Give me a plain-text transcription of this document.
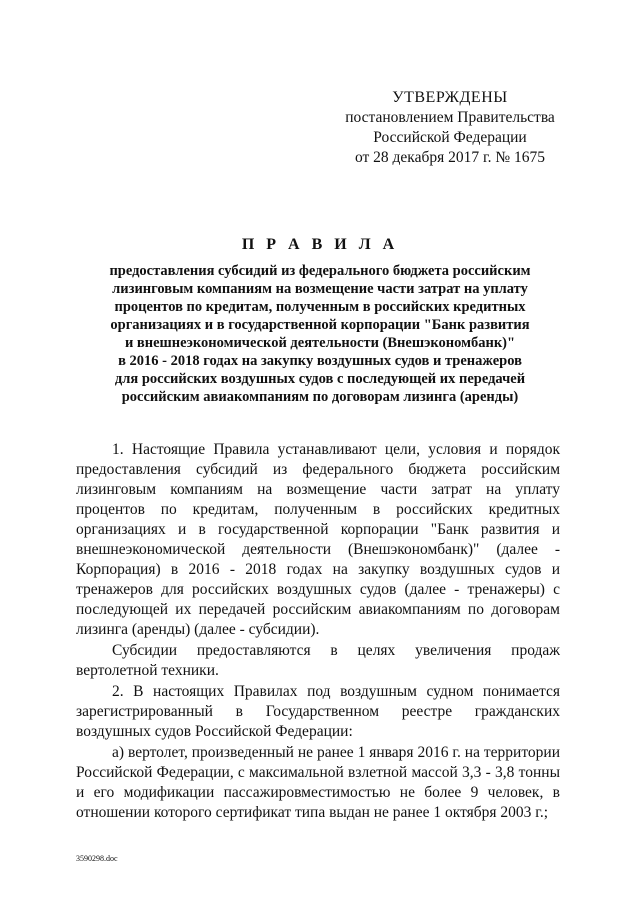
УТВЕРЖДЕНЫ
постановлением Правительства
Российской Федерации
от 28 декабря 2017 г. № 1675
П Р А В И Л А
предоставления субсидий из федерального бюджета российским
лизинговым компаниям на возмещение части затрат на уплату
процентов по кредитам, полученным в российских кредитных
организациях и в государственной корпорации "Банк развития
и внешнеэкономической деятельности (Внешэкономбанк)"
в 2016 - 2018 годах на закупку воздушных судов и тренажеров
для российских воздушных судов с последующей их передачей
российским авиакомпаниям по договорам лизинга (аренды)

1. Настоящие Правила устанавливают цели, условия и порядок предоставления субсидий из федерального бюджета российским лизинговым компаниям на возмещение части затрат на уплату процентов по кредитам, полученным в российских кредитных организациях и в государственной корпорации "Банк развития и внешнеэкономической деятельности (Внешэкономбанк)" (далее - Корпорация) в 2016 - 2018 годах на закупку воздушных судов и тренажеров для российских воздушных судов (далее - тренажеры) с последующей их передачей российским авиакомпаниям по договорам лизинга (аренды) (далее - субсидии).

Субсидии предоставляются в целях увеличения продаж вертолетной техники.

2. В настоящих Правилах под воздушным судном понимается зарегистрированный в Государственном реестре гражданских воздушных судов Российской Федерации:

а) вертолет, произведенный не ранее 1 января 2016 г. на территории Российской Федерации, с максимальной взлетной массой 3,3 - 3,8 тонны и его модификации пассажировместимостью не более 9 человек, в отношении которого сертификат типа выдан не ранее 1 октября 2003 г.;

3590298.doc
